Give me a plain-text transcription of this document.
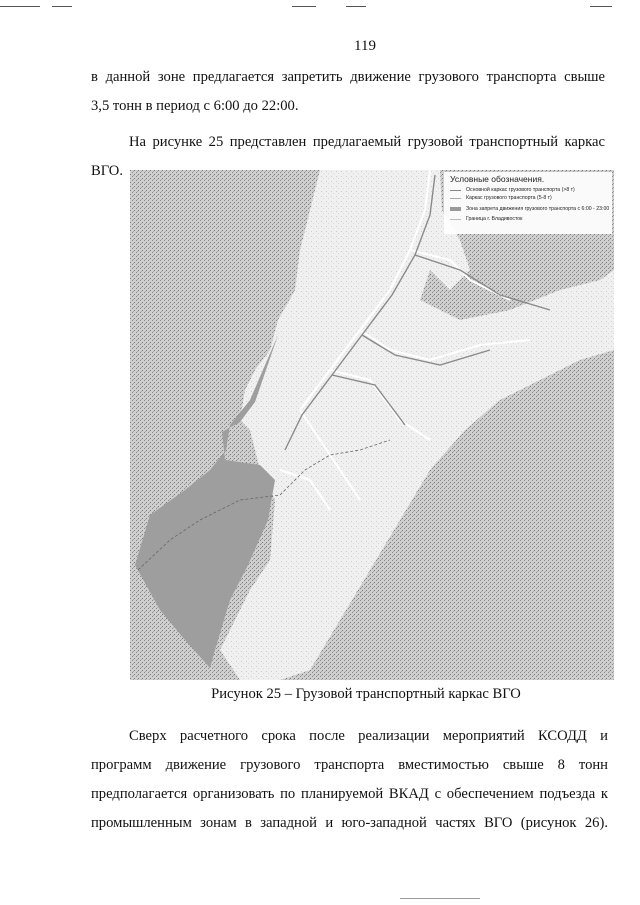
119
в данной зоне предлагается запретить движение грузового транспорта свыше
3,5 тонн в период с 6:00 до 22:00.
На рисунке 25 представлен предлагаемый грузовой транспортный каркас
ВГО.	Условные обозначения.
Основной каркас грузового транспорта (>8 т)
Каркас грузового транспорта (5-8 т)
Зона запрета движения грузового транспорта с 6:00 - 23:00
Граница г. Владивосток
Рисунок 25 – Грузовой транспортный каркас ВГО
Сверх расчетного срока после реализации мероприятий КСОДД и
программ движение грузового транспорта вместимостью свыше 8 тонн
предполагается организовать по планируемой ВКАД с обеспечением подъезда к
промышленным зонам в западной и юго-западной частях ВГО (рисунок 26).
